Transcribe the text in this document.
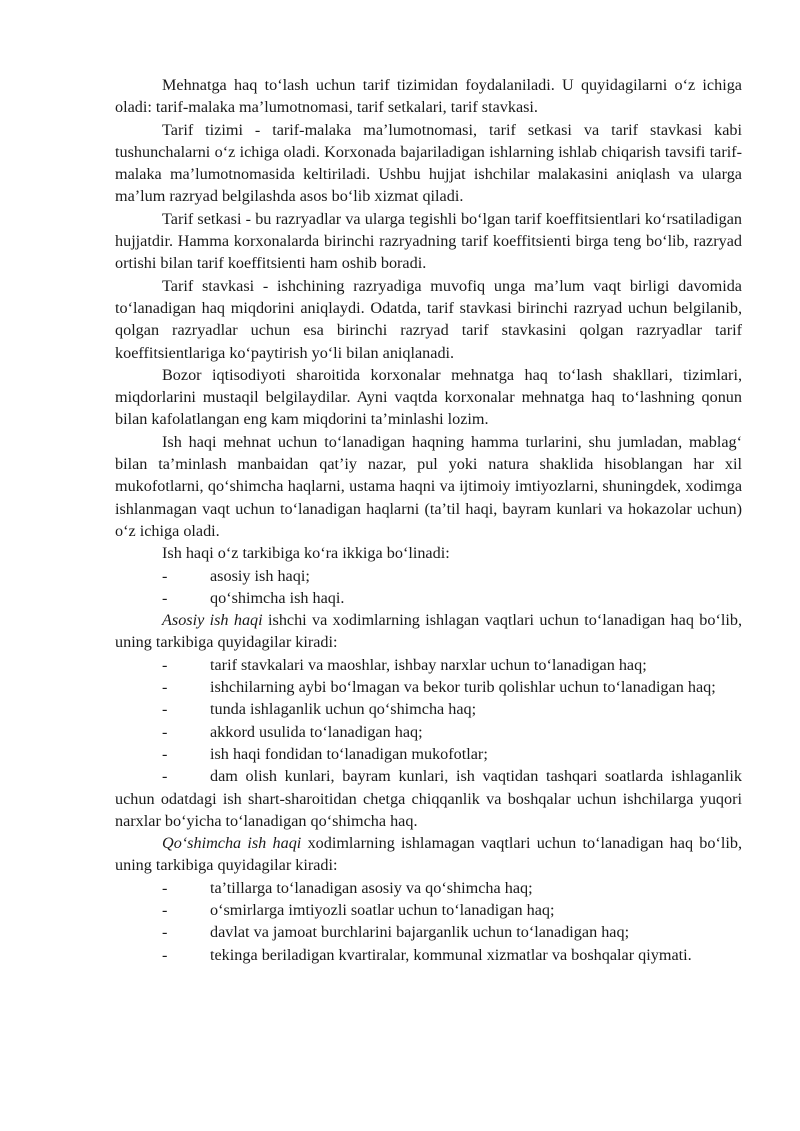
Mehnatga haq to‘lash uchun tarif tizimidan foydalaniladi. U quyidagilarni o‘z ichiga oladi: tarif-malaka ma’lumotnomasi, tarif setkalari, tarif stavkasi.

Tarif tizimi - tarif-malaka ma’lumotnomasi, tarif setkasi va tarif stavkasi kabi tushunchalarni o‘z ichiga oladi. Korxonada bajariladigan ishlarning ishlab chiqarish tavsifi tarif-malaka ma’lumotnomasida keltiriladi. Ushbu hujjat ishchilar malakasini aniqlash va ularga ma’lum razryad belgilashda asos bo‘lib xizmat qiladi.

Tarif setkasi - bu razryadlar va ularga tegishli bo‘lgan tarif koeffitsientlari ko‘rsatiladigan hujjatdir. Hamma korxonalarda birinchi razryadning tarif koeffitsienti birga teng bo‘lib, razryad ortishi bilan tarif koeffitsienti ham oshib boradi.

Tarif stavkasi - ishchining razryadiga muvofiq unga ma’lum vaqt birligi davomida to‘lanadigan haq miqdorini aniqlaydi. Odatda, tarif stavkasi birinchi razryad uchun belgilanib, qolgan razryadlar uchun esa birinchi razryad tarif stavkasini qolgan razryadlar tarif koeffitsientlariga ko‘paytirish yo‘li bilan aniqlanadi.

Bozor iqtisodiyoti sharoitida korxonalar mehnatga haq to‘lash shakllari, tizimlari, miqdorlarini mustaqil belgilaydilar. Ayni vaqtda korxonalar mehnatga haq to‘lashning qonun bilan kafolatlangan eng kam miqdorini ta’minlashi lozim.

Ish haqi mehnat uchun to‘lanadigan haqning hamma turlarini, shu jumladan, mablag‘ bilan ta’minlash manbaidan qat’iy nazar, pul yoki natura shaklida hisoblangan har xil mukofotlarni, qo‘shimcha haqlarni, ustama haqni va ijtimoiy imtiyozlarni, shuningdek, xodimga ishlanmagan vaqt uchun to‘lanadigan haqlarni (ta’til haqi, bayram kunlari va hokazolar uchun) o‘z ichiga oladi.

Ish haqi o‘z tarkibiga ko‘ra ikkiga bo‘linadi:

-	asosiy ish haqi;
-	qo‘shimcha ish haqi.

Asosiy ish haqi ishchi va xodimlarning ishlagan vaqtlari uchun to‘lanadigan haq bo‘lib, uning tarkibiga quyidagilar kiradi:

-	tarif stavkalari va maoshlar, ishbay narxlar uchun to‘lanadigan haq;
-	ishchilarning aybi bo‘lmagan va bekor turib qolishlar uchun to‘lanadigan haq;
-	tunda ishlaganlik uchun qo‘shimcha haq;
-	akkord usulida to‘lanadigan haq;
-	ish haqi fondidan to‘lanadigan mukofotlar;
-	dam olish kunlari, bayram kunlari, ish vaqtidan tashqari soatlarda ishlaganlik uchun odatdagi ish shart-sharoitidan chetga chiqqanlik va boshqalar uchun ishchilarga yuqori narxlar bo‘yicha to‘lanadigan qo‘shimcha haq.

Qo‘shimcha ish haqi xodimlarning ishlamagan vaqtlari uchun to‘lanadigan haq bo‘lib, uning tarkibiga quyidagilar kiradi:

-	ta’tillarga to‘lanadigan asosiy va qo‘shimcha haq;
-	o‘smirlarga imtiyozli soatlar uchun to‘lanadigan haq;
-	davlat va jamoat burchlarini bajarganlik uchun to‘lanadigan haq;
-	tekinga beriladigan kvartiralar, kommunal xizmatlar va boshqalar qiymati.
